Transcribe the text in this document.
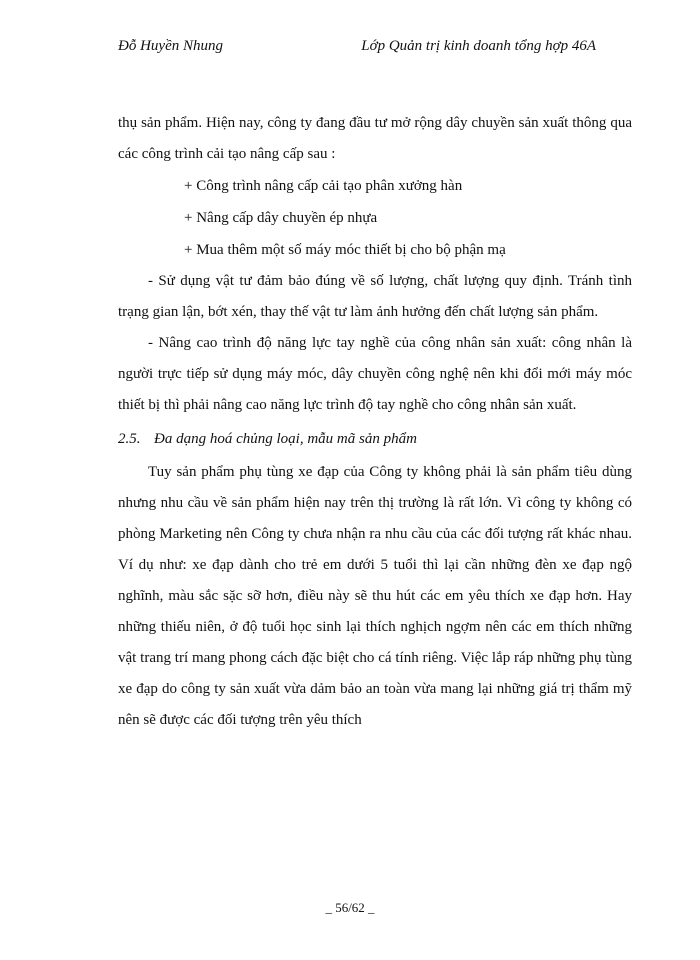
Đỗ Huyền Nhung	Lớp Quản trị kinh doanh tổng hợp 46A

thụ sản phẩm. Hiện nay, công ty đang đầu tư mở rộng dây chuyền sản xuất thông qua các công trình cải tạo nâng cấp sau :

+ Công trình nâng cấp cải tạo phân xưởng hàn

+ Nâng cấp dây chuyền ép nhựa

+ Mua thêm một số máy móc thiết bị cho bộ phận mạ

- Sử dụng vật tư đảm bảo đúng về số lượng, chất lượng quy định. Tránh tình trạng gian lận, bớt xén, thay thế vật tư làm ảnh hưởng đến chất lượng sản phẩm.

- Nâng cao trình độ năng lực tay nghề của công nhân sản xuất: công nhân là người trực tiếp sử dụng máy móc, dây chuyền công nghệ nên khi đổi mới máy móc thiết bị thì phải nâng cao năng lực trình độ tay nghề cho công nhân sản xuất.

2.5. Đa dạng hoá chủng loại, mẫu mã sản phẩm

Tuy sản phẩm phụ tùng xe đạp của Công ty không phải là sản phẩm tiêu dùng nhưng nhu cầu về sản phẩm hiện nay trên thị trường là rất lớn. Vì công ty không có phòng Marketing nên Công ty chưa nhận ra nhu cầu của các đối tượng rất khác nhau. Ví dụ như: xe đạp dành cho trẻ em dưới 5 tuổi thì lại cần những đèn xe đạp ngộ nghĩnh, màu sắc sặc sỡ hơn, điều này sẽ thu hút các em yêu thích xe đạp hơn. Hay những thiếu niên, ở độ tuổi học sinh lại thích nghịch ngợm nên các em thích những vật trang trí mang phong cách đặc biệt cho cá tính riêng. Việc lắp ráp những phụ tùng xe đạp do công ty sản xuất vừa dảm bảo an toàn vừa mang lại những giá trị thẩm mỹ nên sẽ được các đối tượng trên yêu thích

_ 56/62 _
